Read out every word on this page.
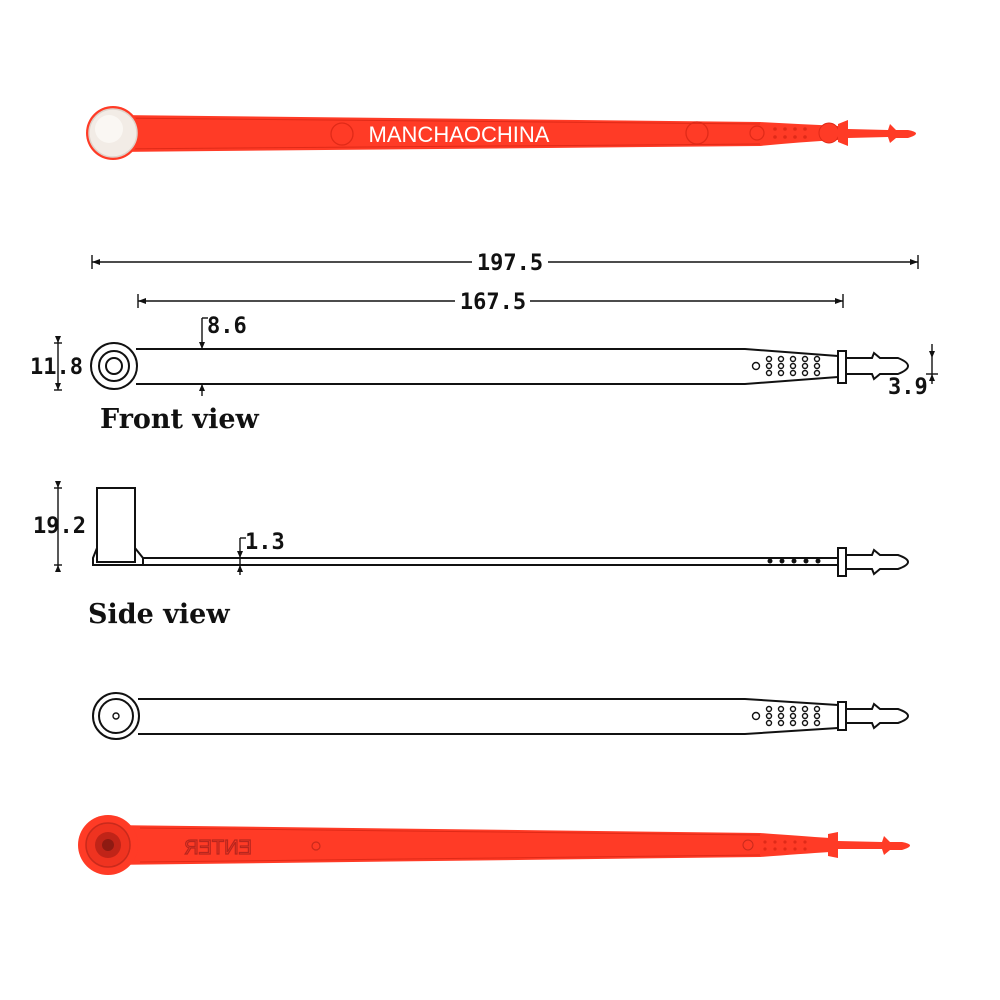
MANCHAOCHINA
197.5
167.5
8.6
11.8
3.9
Front view
19.2
1.3
Side view
ENTER
